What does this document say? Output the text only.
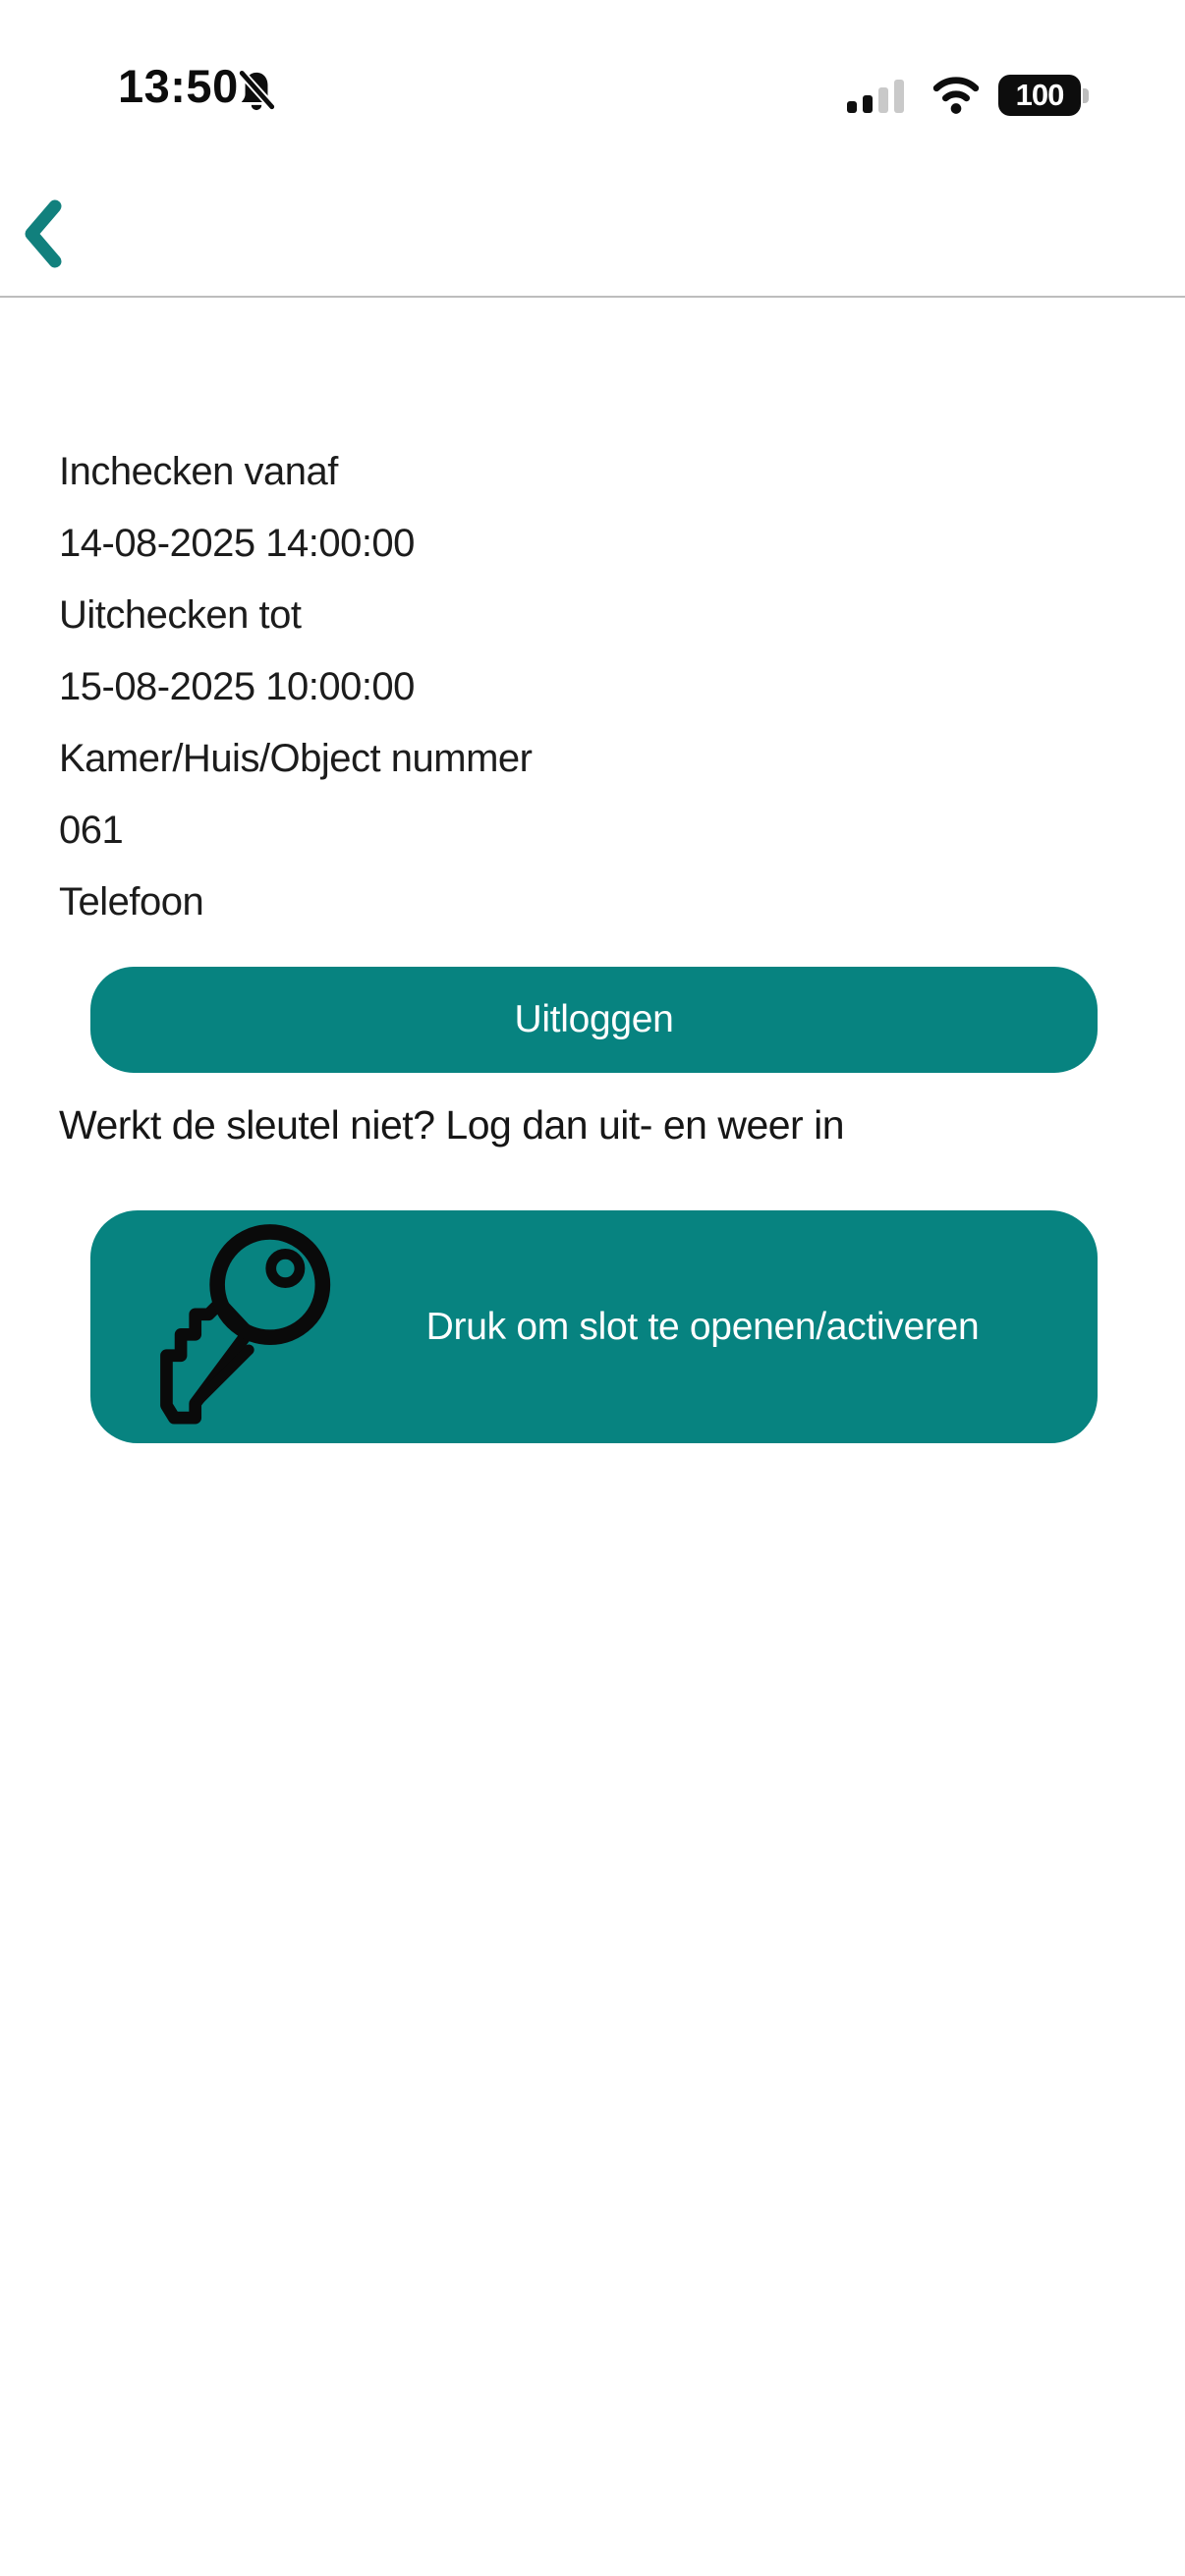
13:50	100
Inchecken vanaf
14-08-2025 14:00:00
Uitchecken tot
15-08-2025 10:00:00
Kamer/Huis/Object nummer
061
Telefoon
Uitloggen
Werkt de sleutel niet? Log dan uit- en weer in
Druk om slot te openen/activeren
